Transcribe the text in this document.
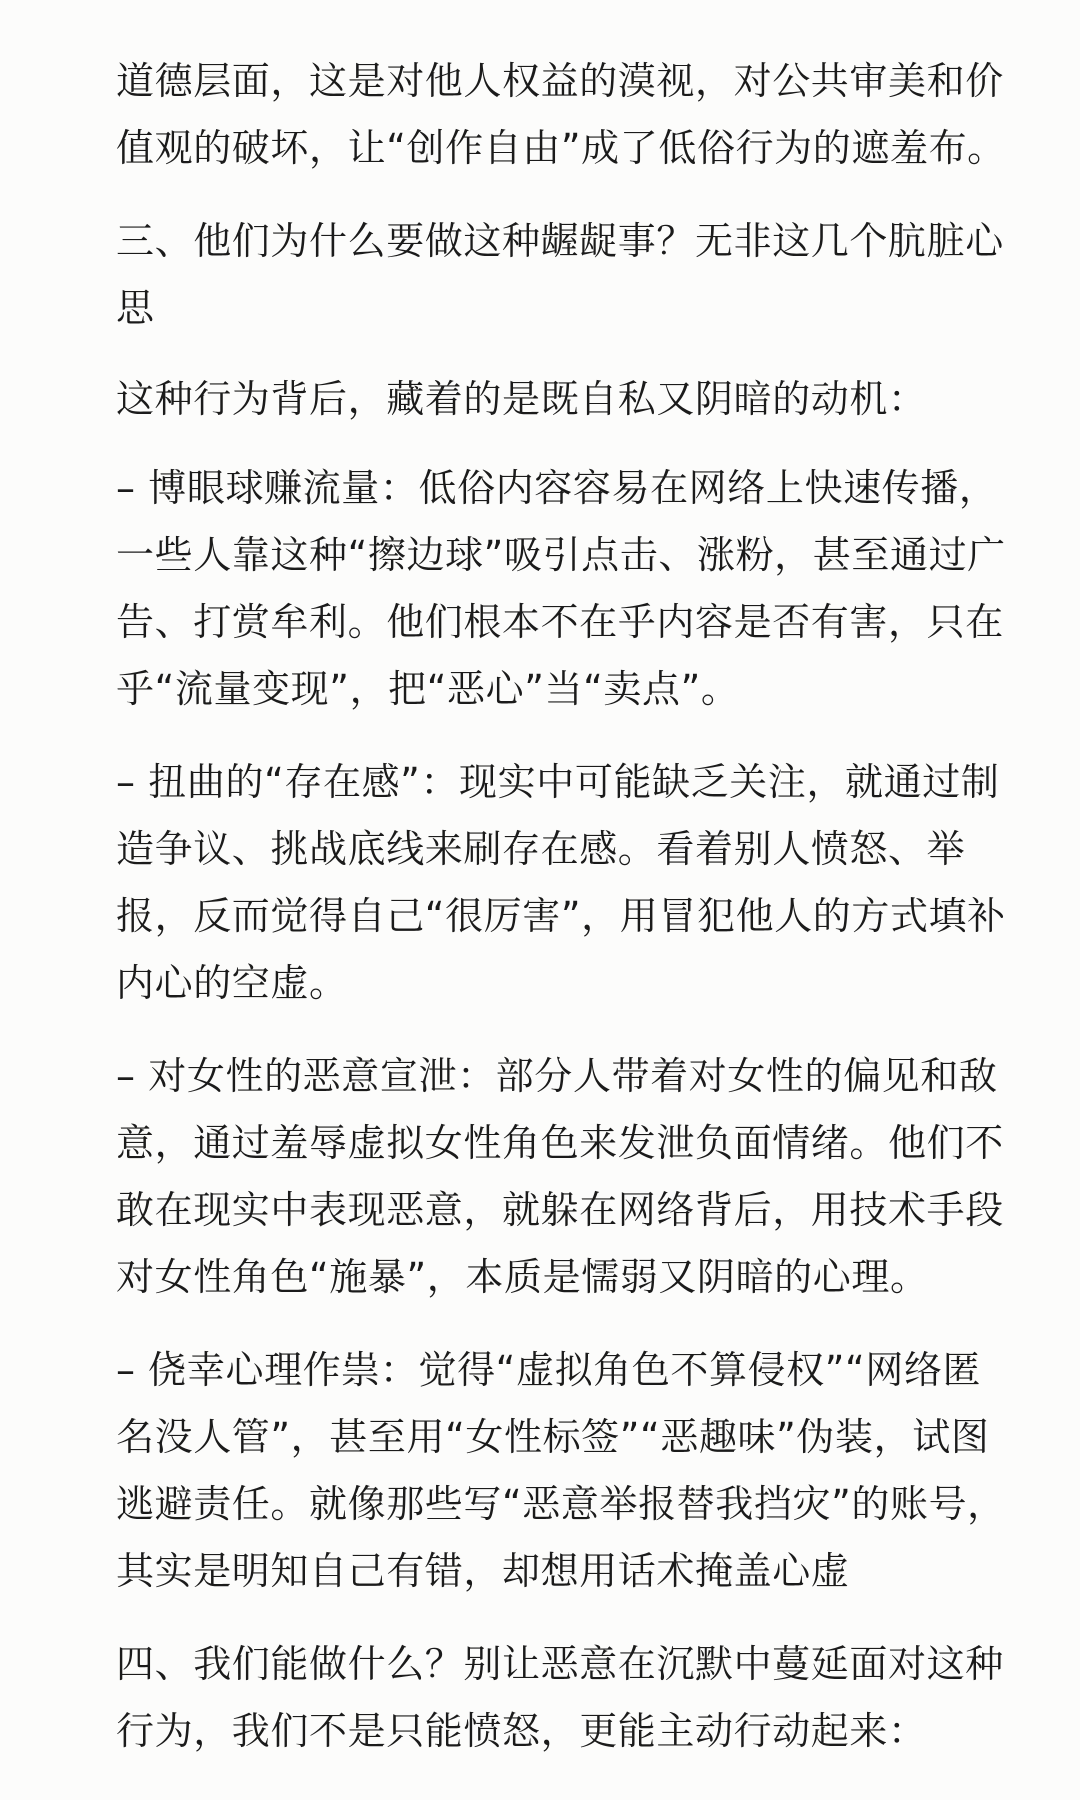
道德层面，这是对他人权益的漠视，对公共审美和价值观的破坏，让“创作自由”成了低俗行为的遮羞布。

三、他们为什么要做这种龌龊事？无非这几个肮脏心思

这种行为背后，藏着的是既自私又阴暗的动机：

– 博眼球赚流量：低俗内容容易在网络上快速传播，一些人靠这种“擦边球”吸引点击、涨粉，甚至通过广告、打赏牟利。他们根本不在乎内容是否有害，只在乎“流量变现”，把“恶心”当“卖点”。

– 扭曲的“存在感”：现实中可能缺乏关注，就通过制造争议、挑战底线来刷存在感。看着别人愤怒、举报，反而觉得自己“很厉害”，用冒犯他人的方式填补内心的空虚。

– 对女性的恶意宣泄：部分人带着对女性的偏见和敌意，通过羞辱虚拟女性角色来发泄负面情绪。他们不敢在现实中表现恶意，就躲在网络背后，用技术手段对女性角色“施暴”，本质是懦弱又阴暗的心理。

– 侥幸心理作祟：觉得“虚拟角色不算侵权”“网络匿名没人管”，甚至用“女性标签”“恶趣味”伪装，试图逃避责任。就像那些写“恶意举报替我挡灾”的账号，其实是明知自己有错，却想用话术掩盖心虚

四、我们能做什么？别让恶意在沉默中蔓延面对这种行为，我们不是只能愤怒，更能主动行动起来：
